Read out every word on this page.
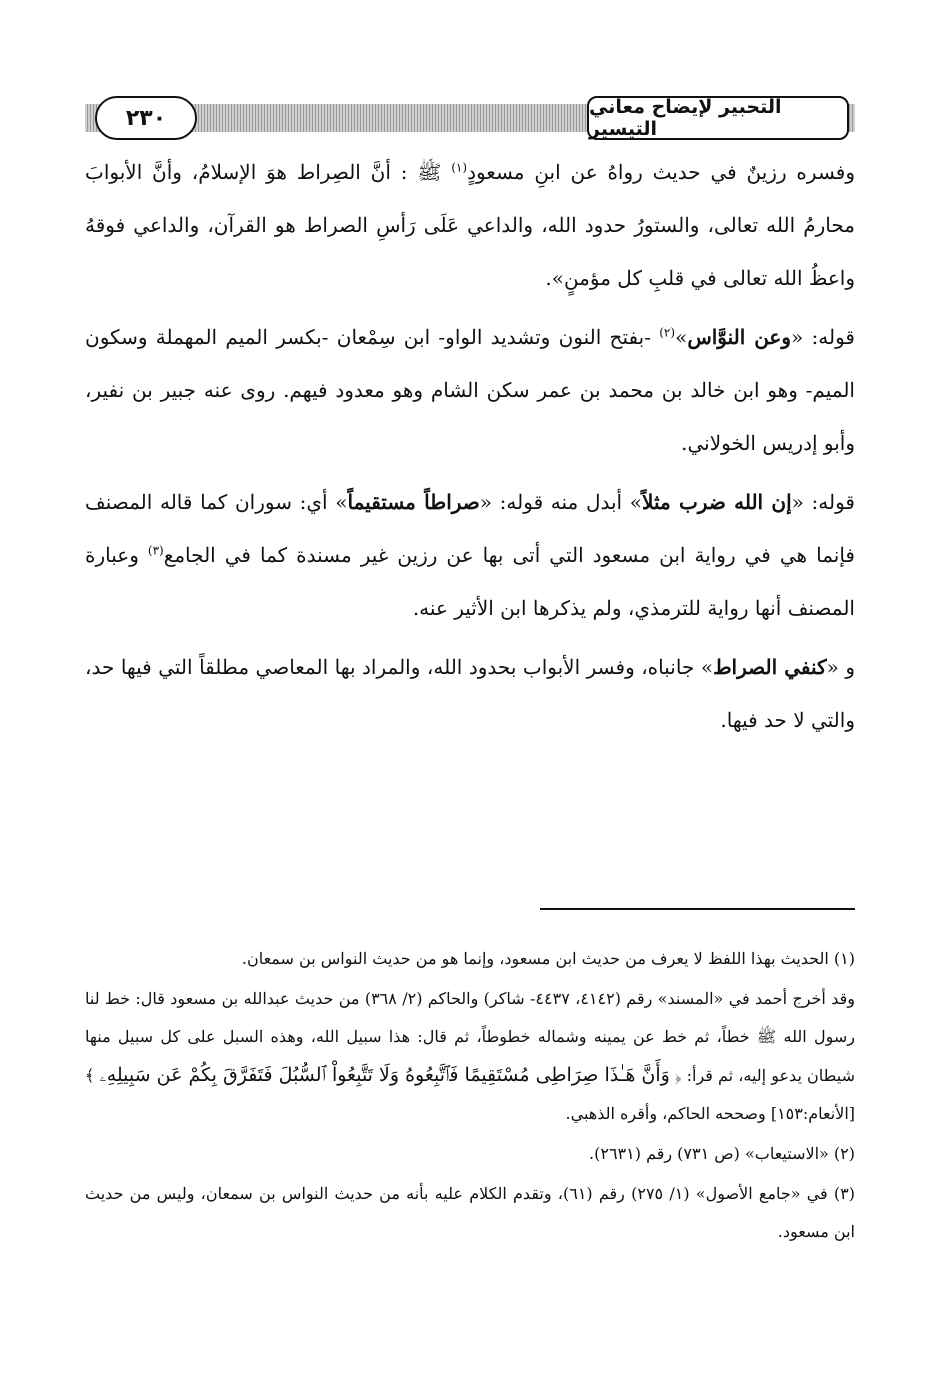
٢٣٠	التحبير لإيضاح معاني التيسير

وفسره رزينٌ في حديث رواهُ عن ابنِ مسعودٍ$^{(١)}$ ﷺ : أنَّ الصِراط هوَ الإسلامُ، وأنَّ الأبوابَ محارمُ الله تعالى، والستورُ حدود الله، والداعي عَلَى رَأسِ الصراط هو القرآن، والداعي فوقهُ واعظُ الله تعالى في قلبِ كل مؤمنٍ».

قوله: «وعن النوَّاس»$^{(٢)}$ -بفتح النون وتشديد الواو- ابن سِمْعان -بكسر الميم المهملة وسكون الميم- وهو ابن خالد بن محمد بن عمر سكن الشام وهو معدود فيهم. روى عنه جبير بن نفير، وأبو إدريس الخولاني.

قوله: «إن الله ضرب مثلاً» أبدل منه قوله: «صراطاً مستقيماً» أي: سوران كما قاله المصنف فإنما هي في رواية ابن مسعود التي أتى بها عن رزين غير مسندة كما في الجامع$^{(٣)}$ وعبارة المصنف أنها رواية للترمذي، ولم يذكرها ابن الأثير عنه.

و «كنفي الصراط» جانباه، وفسر الأبواب بحدود الله، والمراد بها المعاصي مطلقاً التي فيها حد، والتي لا حد فيها.

(١) الحديث بهذا اللفظ لا يعرف من حديث ابن مسعود، وإنما هو من حديث النواس بن سمعان.

وقد أخرج أحمد في «المسند» رقم (٤١٤٢، ٤٤٣٧- شاكر) والحاكم (٢/ ٣٦٨) من حديث عبدالله بن مسعود قال: خط لنا رسول الله ﷺ خطاً، ثم خط عن يمينه وشماله خطوطاً، ثم قال: هذا سبيل الله، وهذه السبل على كل سبيل منها شيطان يدعو إليه، ثم قرأ: ﴿ وَأَنَّ هَـٰذَا صِرَاطِى مُسْتَقِيمًا فَٱتَّبِعُوهُ وَلَا تَتَّبِعُواْ ٱلسُّبُلَ فَتَفَرَّقَ بِكُمْ عَن سَبِيلِهِۦ ﴾[الأنعام:١٥٣] وصححه الحاكم، وأقره الذهبي.

(٢) «الاستيعاب» (ص ٧٣١) رقم (٢٦٣١).

(٣) في «جامع الأصول» (١/ ٢٧٥) رقم (٦١)، وتقدم الكلام عليه بأنه من حديث النواس بن سمعان، وليس من حديث ابن مسعود.
